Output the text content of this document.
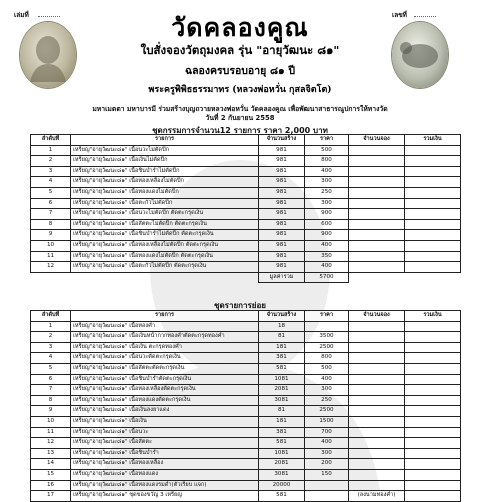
เล่มที่	เลขที่
วัดคลองคูณ
ใบสั่งจองวัตถุมงคล รุ่น "อายุวัฒนะ ๘๑"
ฉลองครบรอบอายุ ๘๑ ปี
พระครูพิพิธธรรมาทร (หลวงพ่อหวั่น กุสลจิตโต)
มหาเมตตา มหาบารมี ร่วมสร้างบุญถวายหลวงพ่อหวั่น วัดคลองคูณ เพื่อพัฒนาสาธารณูปการให้ทางวัด
วันที่ 2 กันยายน 2558
ชุดกรรมการจำนวน12 รายการ ราคา 2,000 บาท
ลำดับที่	รายการ	จำนวนสร้าง	ราคา	จำนวนจอง	รวมเงิน
1	เหรียญ"อายุวัฒนะ๘๑" เนื้อนวะไม่ตัดปีก	981	500		
2	เหรียญ"อายุวัฒนะ๘๑" เนื้อเงินไม่ตัดปีก	981	800		
3	เหรียญ"อายุวัฒนะ๘๑" เนื้อชินบำรำไม่ตัดปีก	981	400		
4	เหรียญ"อายุวัฒนะ๘๑" เนื้อทองเหลืองไม่ตัดปีก	981	300		
5	เหรียญ"อายุวัฒนะ๘๑" เนื้อทองแดงไม่ตัดปีก	981	250		
6	เหรียญ"อายุวัฒนะ๘๑" เนื้อตะกั่วไม่ตัดปีก	981	300		
7	เหรียญ"อายุวัฒนะ๘๑" เนื้อนวะไม่ตัดปีก ตัดตะกรุดเงิน	981	900		
8	เหรียญ"อายุวัฒนะ๘๑" เนื้อสัตตะไม่ตัดปีก ตัดตะกรุดเงิน	981	600		
9	เหรียญ"อายุวัฒนะ๘๑" เนื้อชินบำรำไม่ตัดปีก ตัดตะกรุดเงิน	981	900		
10	เหรียญ"อายุวัฒนะ๘๑" เนื้อทองเหลืองไม่ตัดปีก ตัดตะกรุดเงิน	981	400		
11	เหรียญ"อายุวัฒนะ๘๑" เนื้อทองแดงไม่ตัดปีก ตัดตะกรุดเงิน	981	350		
12	เหรียญ"อายุวัฒนะ๘๑" เนื้อตะกั่วไม่ตัดปีก ตัดตะกรุดเงิน	981	400		
		มูลค่ารวม	5700		
ชุดรายการย่อย
ลำดับที่	รายการ	จำนวนสร้าง	ราคา	จำนวนจอง	รวมเงิน
1	เหรียญ"อายุวัฒนะ๘๑" เนื้อทองคำ	18			
2	เหรียญ"อายุวัฒนะ๘๑" เนื้อเงินหน้ากากทองคำตัดตะกรุดทองคำ	81	3500		
3	เหรียญ"อายุวัฒนะ๘๑" เนื้อเงิน ตะกรุดทองคำ	181	2500		
4	เหรียญ"อายุวัฒนะ๘๑" เนื้อนวะตัดตะกรุดเงิน	381	800		
5	เหรียญ"อายุวัฒนะ๘๑" เนื้อสัตตะตัดตะกรุดเงิน	581	500		
6	เหรียญ"อายุวัฒนะ๘๑" เนื้อชินบำรำตัดตะกรุดเงิน	1081	400		
7	เหรียญ"อายุวัฒนะ๘๑" เนื้อทองเหลืองตัดตะกรุดเงิน	2081	300		
8	เหรียญ"อายุวัฒนะ๘๑" เนื้อทองแดงตัดตะกรุดเงิน	3081	250		
9	เหรียญ"อายุวัฒนะ๘๑" เนื้อเงินลงยาแดง	81	2500		
10	เหรียญ"อายุวัฒนะ๘๑" เนื้อเงิน	181	1500		
11	เหรียญ"อายุวัฒนะ๘๑" เนื้อนวะ	381	700		
12	เหรียญ"อายุวัฒนะ๘๑" เนื้อสัตตะ	581	400		
13	เหรียญ"อายุวัฒนะ๘๑" เนื้อชินบำรำ	1081	300		
14	เหรียญ"อายุวัฒนะ๘๑" เนื้อทองเหลือง	2081	200		
15	เหรียญ"อายุวัฒนะ๘๑" เนื้อทองแดง	3081	150		
16	เหรียญ"อายุวัฒนะ๘๑" เนื้อทองแดงรมดำ(ตัวเรียบ แจก)	20000			
17	เหรียญ"อายุวัฒนะ๘๑" ชุดของขวัญ 3 เหรียญ	581		(ลงนามทองคำ)	
